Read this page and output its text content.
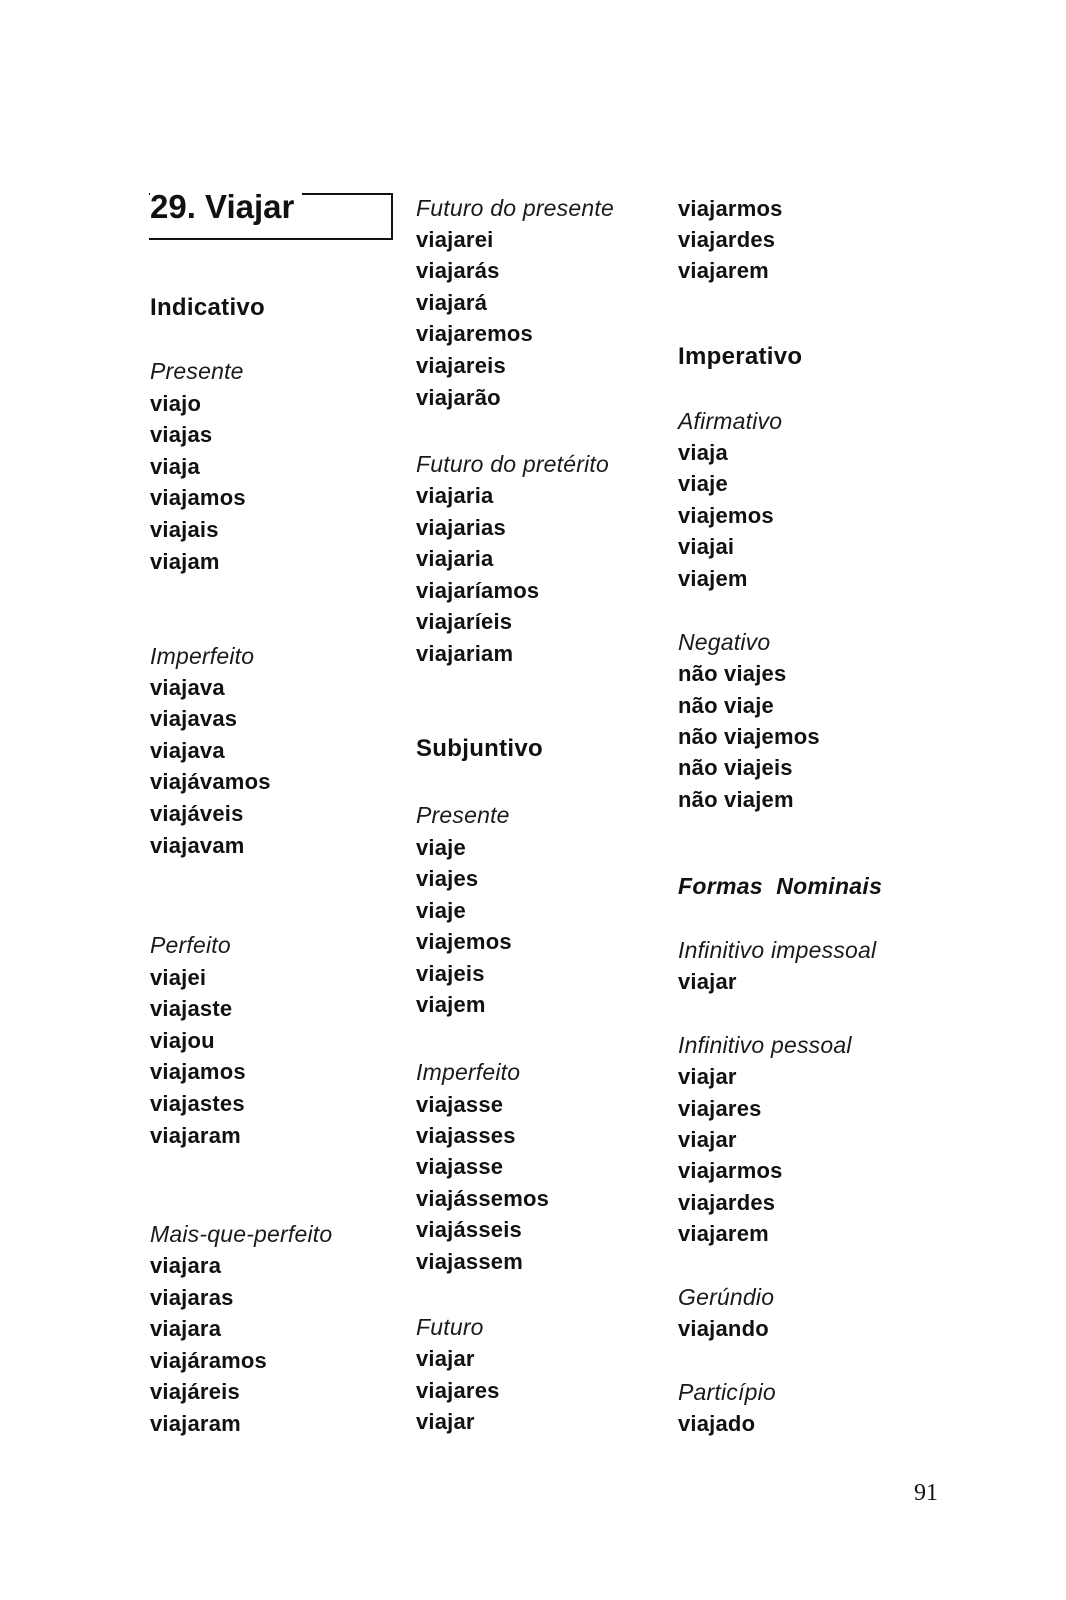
29. Viajar
Indicativo
Presente
viajo
viajas
viaja
viajamos
viajais
viajam
Imperfeito
viajava
viajavas
viajava
viajávamos
viajáveis
viajavam
Perfeito
viajei
viajaste
viajou
viajamos
viajastes
viajaram
Mais-que-perfeito
viajara
viajaras
viajara
viajáramos
viajáreis
viajaram
Futuro do presente
viajarei
viajarás
viajará
viajaremos
viajareis
viajarão
Futuro do pretérito
viajaria
viajarias
viajaria
viajaríamos
viajaríeis
viajariam
Subjuntivo
Presente
viaje
viajes
viaje
viajemos
viajeis
viajem
Imperfeito
viajasse
viajasses
viajasse
viajássemos
viajásseis
viajassem
Futuro
viajar
viajares
viajar
viajarmos
viajardes
viajarem
Imperativo
Afirmativo
viaja
viaje
viajemos
viajai
viajem
Negativo
não viajes
não viaje
não viajemos
não viajeis
não viajem
Formas  Nominais
Infinitivo impessoal
viajar
Infinitivo pessoal
viajar
viajares
viajar
viajarmos
viajardes
viajarem
Gerúndio
viajando
Particípio
viajado
91
